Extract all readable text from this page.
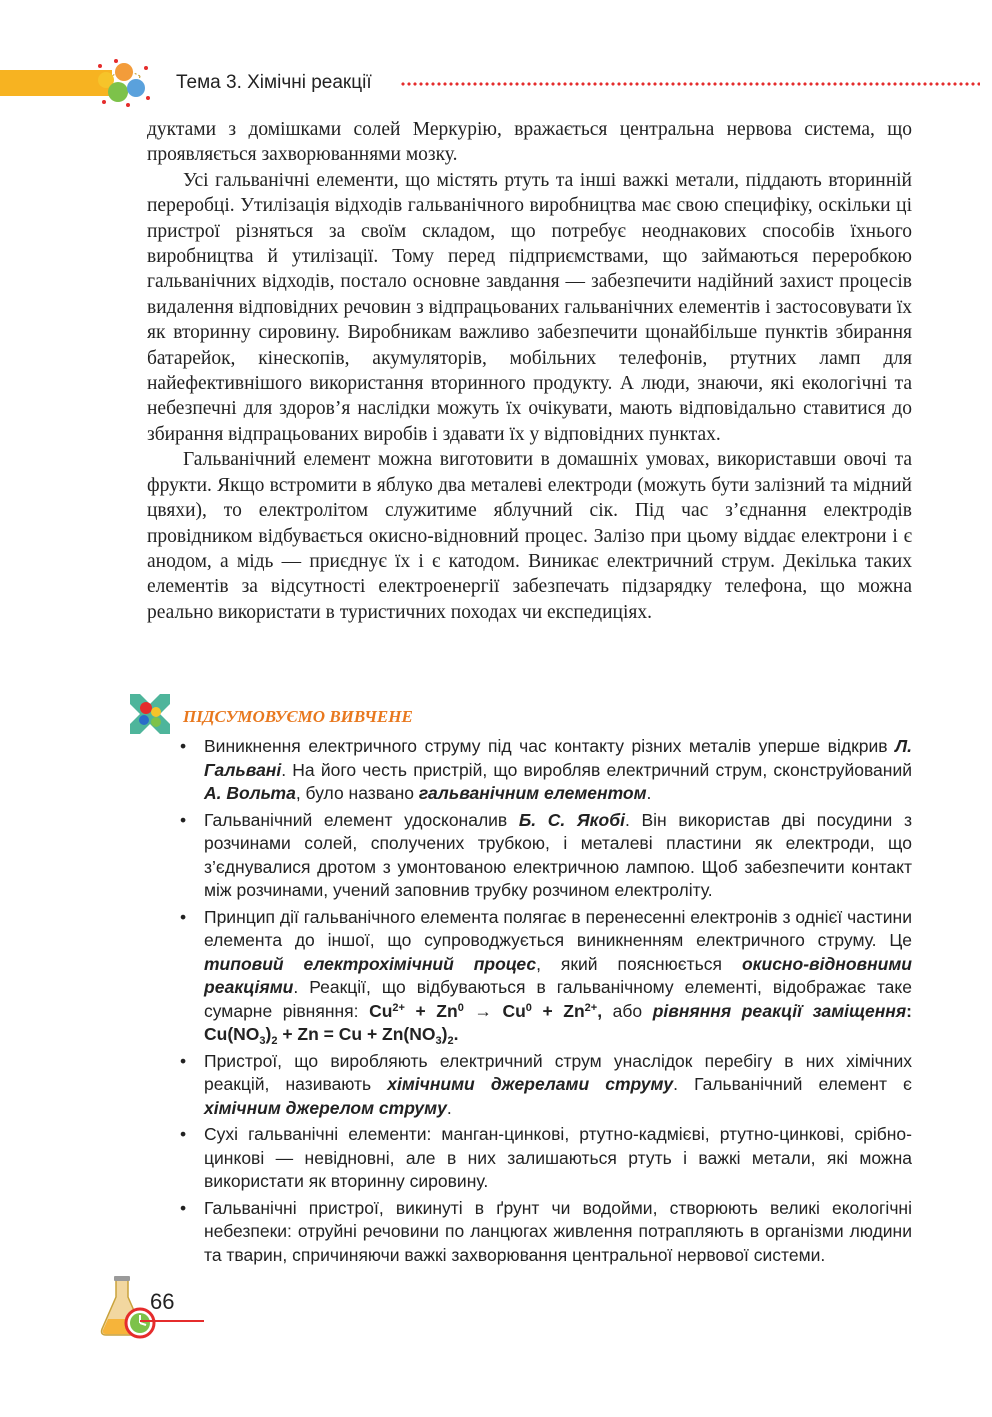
Тема 3. Хімічні реакції

дуктами з домішками солей Меркурію, вражається центральна нервова система, що проявляється захворюваннями мозку.

Усі гальванічні елементи, що містять ртуть та інші важкі метали, піддають вторинній переробці. Утилізація відходів гальванічного виробництва має свою специфіку, оскільки ці пристрої різняться за своїм складом, що потребує неоднакових способів їхнього виробництва й утилізації. Тому перед підприємствами, що займаються переробкою гальванічних відходів, постало основне завдання — забезпечити надійний захист процесів видалення відповідних речовин з відпрацьованих гальванічних елементів і застосовувати їх як вторинну сировину. Виробникам важливо забезпечити щонайбільше пунктів збирання батарейок, кінескопів, акумуляторів, мобільних телефонів, ртутних ламп для найефективнішого використання вторинного продукту. А люди, знаючи, які екологічні та небезпечні для здоров’я наслідки можуть їх очікувати, мають відповідально ставитися до збирання відпрацьованих виробів і здавати їх у відповідних пунктах.

Гальванічний елемент можна виготовити в домашніх умовах, використавши овочі та фрукти. Якщо встромити в яблуко два металеві електроди (можуть бути залізний та мідний цвяхи), то електролітом служитиме яблучний сік. Під час з’єднання електродів провідником відбувається окисно-відновний процес. Залізо при цьому віддає електрони і є анодом, а мідь — приєднує їх і є катодом. Виникає електричний струм. Декілька таких елементів за відсутності електроенергії забезпечать підзарядку телефона, що можна реально використати в туристичних походах чи експедиціях.

ПІДСУМОВУЄМО ВИВЧЕНЕ
• Виникнення електричного струму під час контакту різних металів уперше відкрив Л. Гальвані. На його честь пристрій, що виробляв електричний струм, сконструйований А. Вольта, було названо гальванічним елементом.
• Гальванічний елемент удосконалив Б. С. Якобі. Він використав дві посудини з розчинами солей, сполучених трубкою, і металеві пластини як електроди, що з’єднувалися дротом з умонтованою електричною лампою. Щоб забезпечити контакт між розчинами, учений заповнив трубку розчином електроліту.
• Принцип дії гальванічного елемента полягає в перенесенні електронів з однієї частини елемента до іншої, що супроводжується виникненням електричного струму. Це типовий електрохімічний процес, який пояснюється окисно-відновними реакціями. Реакції, що відбуваються в гальванічному елементі, відображає таке сумарне рівняння: $Cu^{2+} + Zn^0 \to Cu^0 + Zn^{2+}$, або рівняння реакції заміщення: $Cu(NO_3)_2 + Zn = Cu + Zn(NO_3)_2$.
• Пристрої, що виробляють електричний струм унаслідок перебігу в них хімічних реакцій, називають хімічними джерелами струму. Гальванічний елемент є хімічним джерелом струму.
• Сухі гальванічні елементи: манган-цинкові, ртутно-кадмієві, ртутно-цинкові, срібно-цинкові — невідновні, але в них залишаються ртуть і важкі метали, які можна використати як вторинну сировину.
• Гальванічні пристрої, викинуті в ґрунт чи водойми, створюють великі екологічні небезпеки: отруйні речовини по ланцюгах живлення потрапляють в організми людини та тварин, спричиняючи важкі захворювання центральної нервової системи.
66
